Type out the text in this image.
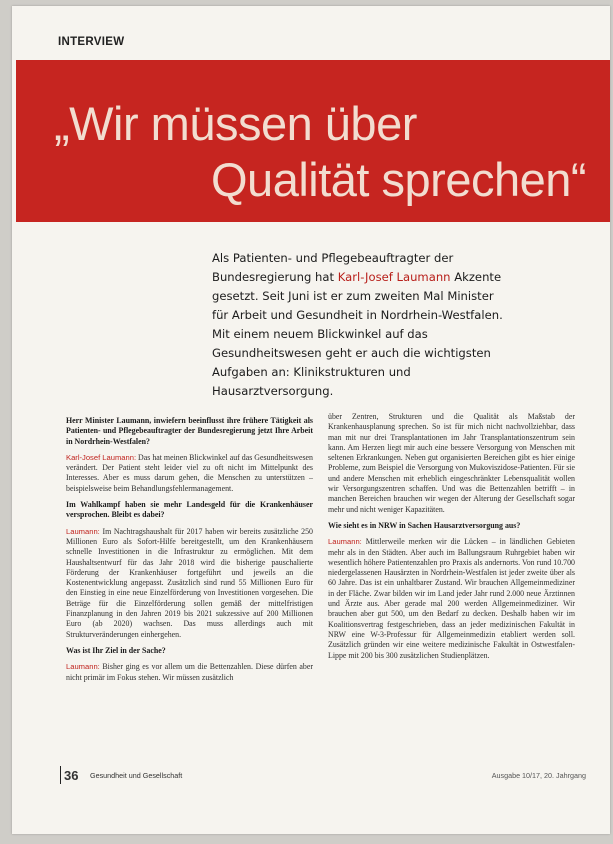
INTERVIEW
„Wir müssen über
Qualität sprechen“
Als Patienten- und Pflegebeauftragter der Bundesregierung hat Karl-Josef Laumann Akzente gesetzt. Seit Juni ist er zum zweiten Mal Minister für Arbeit und Gesundheit in Nordrhein-Westfalen. Mit einem neuem Blickwinkel auf das Gesundheitswesen geht er auch die wichtigsten Aufgaben an: Klinikstrukturen und Hausarztversorgung.

Herr Minister Laumann, inwiefern beeinflusst ihre frühere Tätigkeit als Patienten- und Pflegebeauftragter der Bundesregierung jetzt Ihre Arbeit in Nordrhein-Westfalen?

Karl-Josef Laumann: Das hat meinen Blickwinkel auf das Gesundheitswesen verändert. Der Patient steht leider viel zu oft nicht im Mittelpunkt des Interesses. Aber es muss darum gehen, die Menschen zu unterstützen – beispielsweise beim Behandlungsfehlermanagement.

Im Wahlkampf haben sie mehr Landesgeld für die Krankenhäuser versprochen. Bleibt es dabei?

Laumann: Im Nachtragshaushalt für 2017 haben wir bereits zusätzliche 250 Millionen Euro als Sofort-Hilfe bereitgestellt, um den Krankenhäusern schnelle Investitionen in die Infrastruktur zu ermöglichen. Mit dem Haushaltsentwurf für das Jahr 2018 wird die bisherige pauschalierte Förderung der Krankenhäuser fortgeführt und jeweils an die Kostenentwicklung angepasst. Zusätzlich sind rund 55 Millionen Euro für den Einstieg in eine neue Einzelförderung von Investitionen vorgesehen. Die Beträge für die Einzelförderung sollen gemäß der mittelfristigen Finanzplanung in den Jahren 2019 bis 2021 sukzessive auf 200 Millionen Euro (ab 2020) wachsen. Das muss allerdings auch mit Strukturveränderungen einhergehen.

Was ist Ihr Ziel in der Sache?

Laumann: Bisher ging es vor allem um die Bettenzahlen. Diese dürfen aber nicht primär im Fokus stehen. Wir müssen zusätzlich

über Zentren, Strukturen und die Qualität als Maßstab der Krankenhausplanung sprechen. So ist für mich nicht nachvollziehbar, dass man mit nur drei Transplantationen im Jahr Transplantationszentrum sein kann. Am Herzen liegt mir auch eine bessere Versorgung von Menschen mit seltenen Erkrankungen. Neben gut organisierten Bereichen gibt es hier einige Probleme, zum Beispiel die Versorgung von Mukoviszidose-Patienten. Für sie und andere Menschen mit erheblich eingeschränkter Lebensqualität wollen wir Versorgungszentren schaffen. Und was die Bettenzahlen betrifft – in manchen Bereichen brauchen wir wegen der Alterung der Gesellschaft sogar mehr und nicht weniger Kapazitäten.

Wie sieht es in NRW in Sachen Hausarztversorgung aus?

Laumann: Mittlerweile merken wir die Lücken – in ländlichen Gebieten mehr als in den Städten. Aber auch im Ballungsraum Ruhrgebiet haben wir wesentlich höhere Patientenzahlen pro Praxis als andernorts. Von rund 10.700 niedergelassenen Hausärzten in Nordrhein-Westfalen ist jeder zweite über als 60 Jahre. Das ist ein unhaltbarer Zustand. Wir brauchen Allgemeinmediziner in der Fläche. Zwar bilden wir im Land jeder Jahr rund 2.000 neue Ärztinnen und Ärzte aus. Aber gerade mal 200 werden Allgemeinmediziner. Wir brauchen aber gut 500, um den Bedarf zu decken. Deshalb haben wir im Koalitionsvertrag festgeschrieben, dass an jeder medizinischen Fakultät in NRW eine W-3-Professur für Allgemeinmedizin etabliert werden soll. Zusätzlich gründen wir eine weitere medizinische Fakultät in Ostwestfalen-Lippe mit 200 bis 300 zusätzlichen Studienplätzen.

36 Gesundheit und Gesellschaft	Ausgabe 10/17, 20. Jahrgang
